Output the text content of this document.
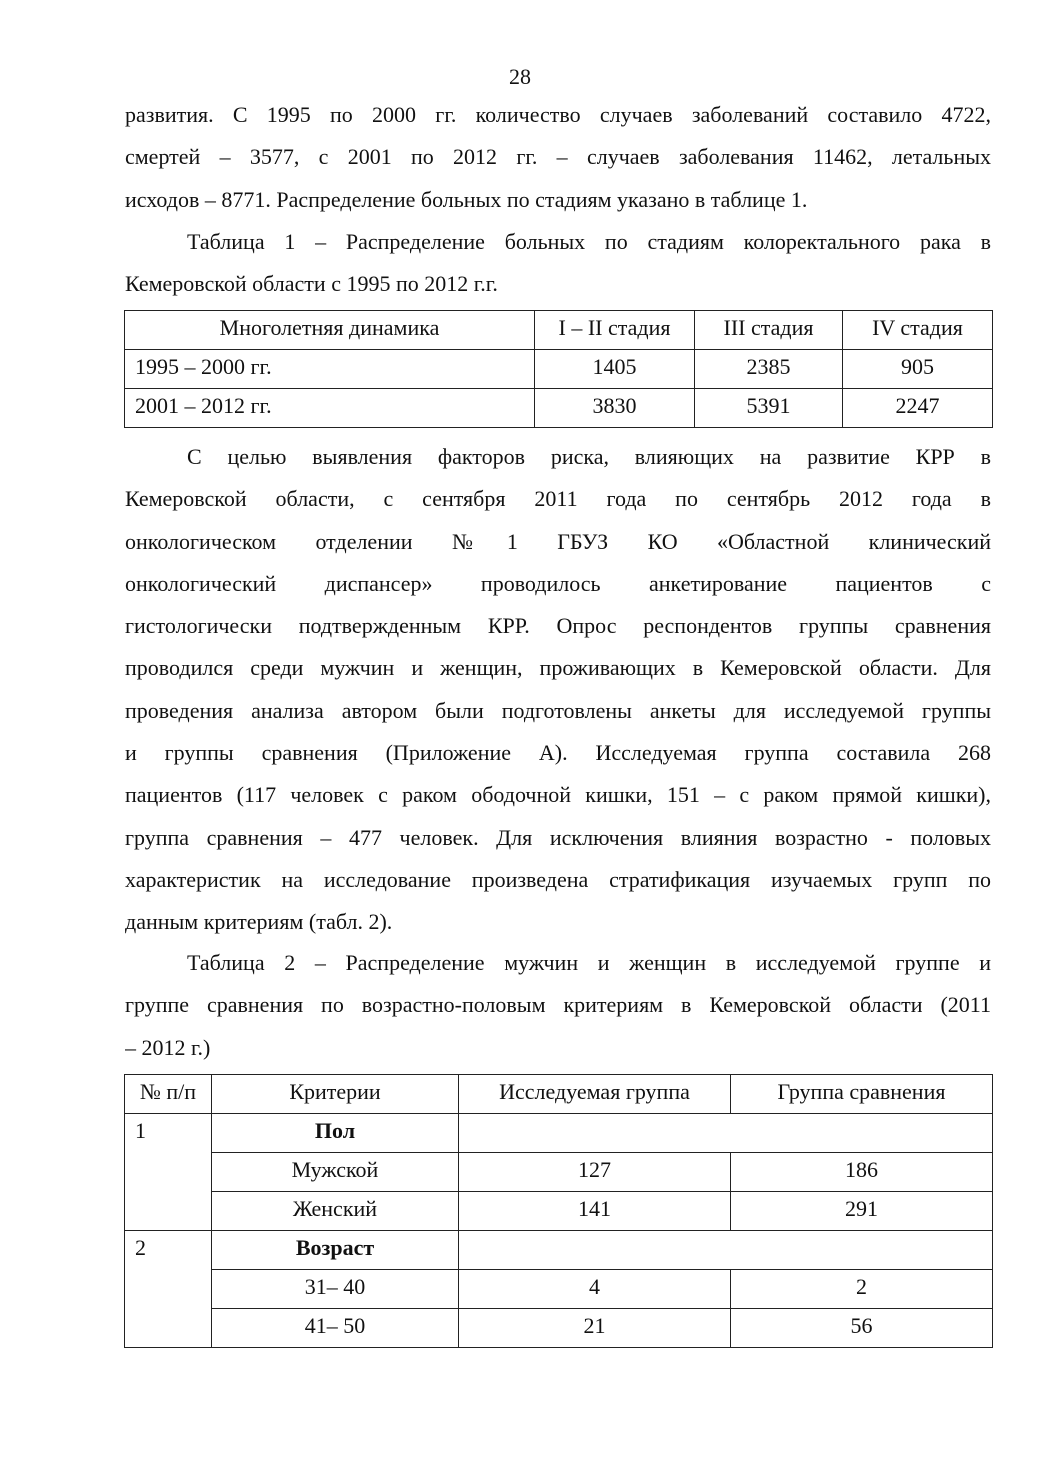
28
развития. С 1995 по 2000 гг. количество случаев заболеваний составило 4722,
смертей – 3577, с 2001 по 2012 гг. – случаев заболевания 11462, летальных
исходов – 8771. Распределение больных по стадиям указано в таблице 1.
Таблица 1 – Распределение больных по стадиям колоректального рака в
Кемеровской области с 1995 по 2012 г.г.
Многолетняя динамика	I – II стадия	III стадия	IV стадия
1995 – 2000 гг.	1405	2385	905
2001 – 2012 гг.	3830	5391	2247
С целью выявления факторов риска, влияющих на развитие КРР в
Кемеровской области, с сентября 2011 года по сентябрь 2012 года в
онкологическом отделении №1 ГБУЗ КО «Областной клинический
онкологический диспансер» проводилось анкетирование пациентов с
гистологически подтвержденным КРР. Опрос респондентов группы сравнения
проводился среди мужчин и женщин, проживающих в Кемеровской области. Для
проведения анализа автором были подготовлены анкеты для исследуемой группы
и группы сравнения (Приложение А). Исследуемая группа составила 268
пациентов (117 человек с раком ободочной кишки, 151 – с раком прямой кишки),
группа сравнения – 477 человек. Для исключения влияния возрастно - половых
характеристик на исследование произведена стратификация изучаемых групп по
данным критериям (табл. 2).
Таблица 2 – Распределение мужчин и женщин в исследуемой группе и
группе сравнения по возрастно-половым критериям в Кемеровской области (2011
– 2012 г.)
№ п/п	Критерии	Исследуемая группа	Группа сравнения
1	Пол		
	Мужской	127	186
	Женский	141	291
2	Возраст		
	31– 40	4	2
	41– 50	21	56
